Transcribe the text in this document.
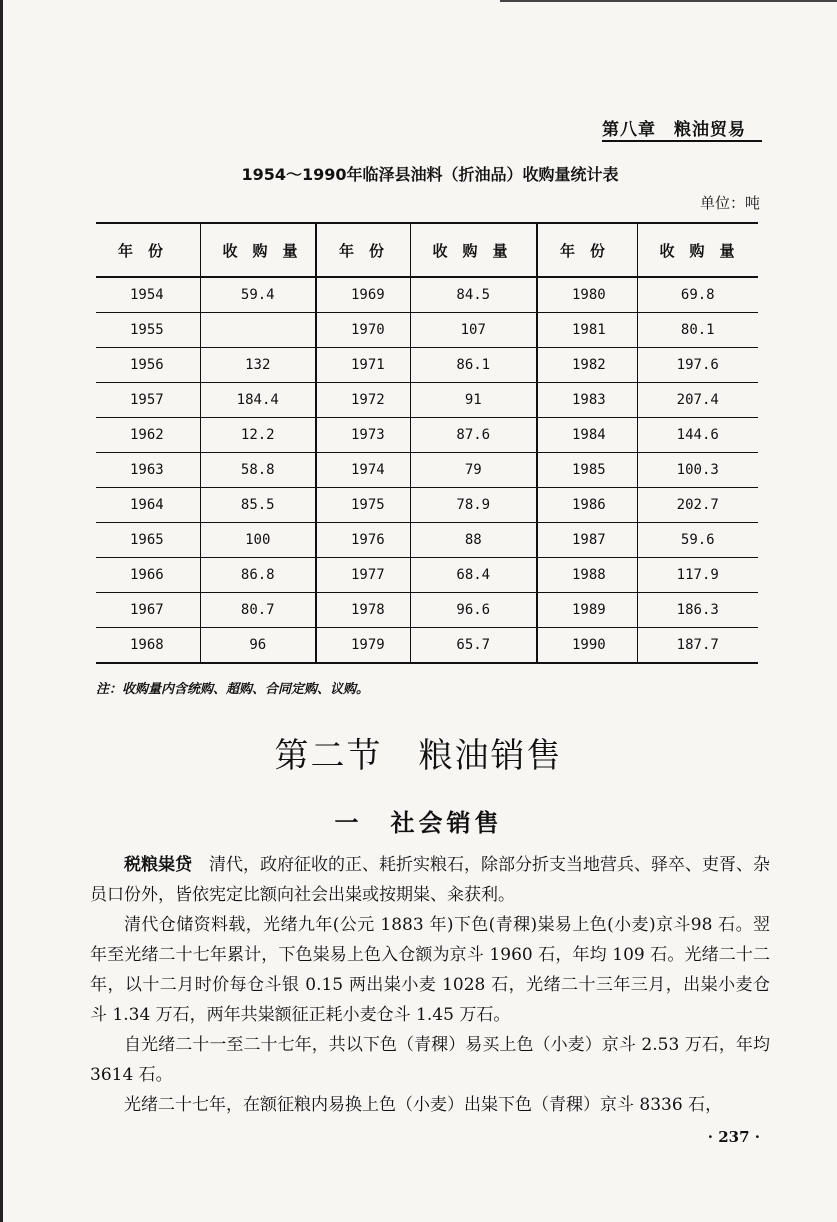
第八章　粮油贸易
1954～1990年临泽县油料（折油品）收购量统计表
单位：吨
年　份	收　购　量	年　份	收　购　量	年　份	收　购　量
1954	59.4	1969	84.5	1980	69.8
1955		1970	107	1981	80.1
1956	132	1971	86.1	1982	197.6
1957	184.4	1972	91	1983	207.4
1962	12.2	1973	87.6	1984	144.6
1963	58.8	1974	79	1985	100.3
1964	85.5	1975	78.9	1986	202.7
1965	100	1976	88	1987	59.6
1966	86.8	1977	68.4	1988	117.9
1967	80.7	1978	96.6	1989	186.3
1968	96	1979	65.7	1990	187.7
注：收购量内含统购、超购、合同定购、议购。
第二节　粮油销售
一　社会销售

税粮粜贷　清代，政府征收的正、耗折实粮石，除部分折支当地营兵、驿卒、吏胥、杂员口份外，皆依宪定比额向社会出粜或按期粜、籴获利。

清代仓储资料载，光绪九年(公元 1883 年)下色(青稞)粜易上色(小麦)京斗98 石。翌年至光绪二十七年累计，下色粜易上色入仓额为京斗 1960 石，年均 109 石。光绪二十二年，以十二月时价每仓斗银 0.15 两出粜小麦 1028 石，光绪二十三年三月，出粜小麦仓斗 1.34 万石，两年共粜额征正耗小麦仓斗 1.45 万石。

自光绪二十一至二十七年，共以下色（青稞）易买上色（小麦）京斗 2.53 万石，年均 3614 石。

光绪二十七年，在额征粮内易换上色（小麦）出粜下色（青稞）京斗 8336 石，

· 237 ·
